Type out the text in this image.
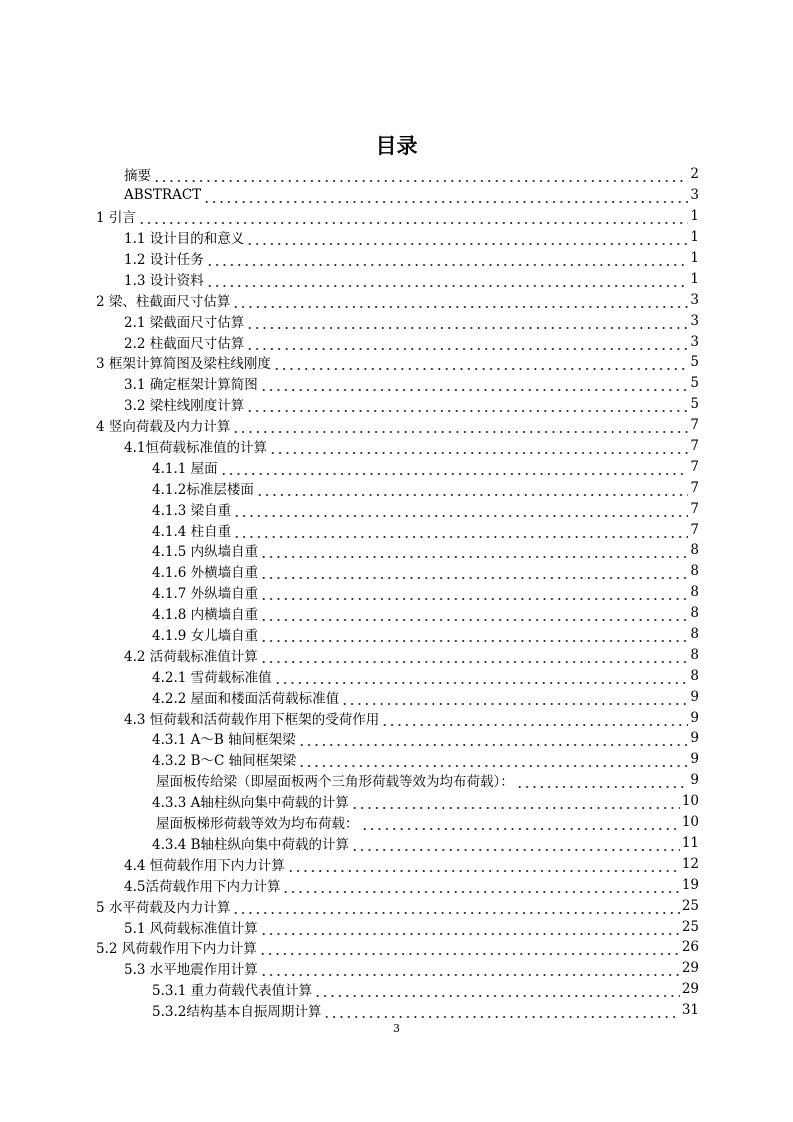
目录
摘要	2
ABSTRACT	3
1 引言	1
1.1 设计目的和意义	1
1.2 设计任务	1
1.3 设计资料	1
2 梁、柱截面尺寸估算	3
2.1 梁截面尺寸估算	3
2.2 柱截面尺寸估算	3
3 框架计算简图及梁柱线刚度	5
3.1 确定框架计算简图	5
3.2 梁柱线刚度计算	5
4 竖向荷载及内力计算	7
4.1恒荷载标准值的计算	7
4.1.1 屋面	7
4.1.2标准层楼面	7
4.1.3 梁自重	7
4.1.4 柱自重	7
4.1.5 内纵墙自重	8
4.1.6 外横墙自重	8
4.1.7 外纵墙自重	8
4.1.8 内横墙自重	8
4.1.9 女儿墙自重	8
4.2 活荷载标准值计算	8
4.2.1 雪荷载标准值	8
4.2.2 屋面和楼面活荷载标准值	9
4.3 恒荷载和活荷载作用下框架的受荷作用	9
4.3.1 A～B 轴间框架梁	9
4.3.2 B～C 轴间框架梁	9
屋面板传给梁（即屋面板两个三角形荷载等效为均布荷载）：	9
4.3.3 A轴柱纵向集中荷载的计算	10
屋面板梯形荷载等效为均布荷载：	10
4.3.4 B轴柱纵向集中荷载的计算	11
4.4 恒荷载作用下内力计算	12
4.5活荷载作用下内力计算	19
5 水平荷载及内力计算	25
5.1 风荷载标准值计算	25
5.2 风荷载作用下内力计算	26
5.3 水平地震作用计算	29
5.3.1 重力荷载代表值计算	29
5.3.2结构基本自振周期计算	31
3
